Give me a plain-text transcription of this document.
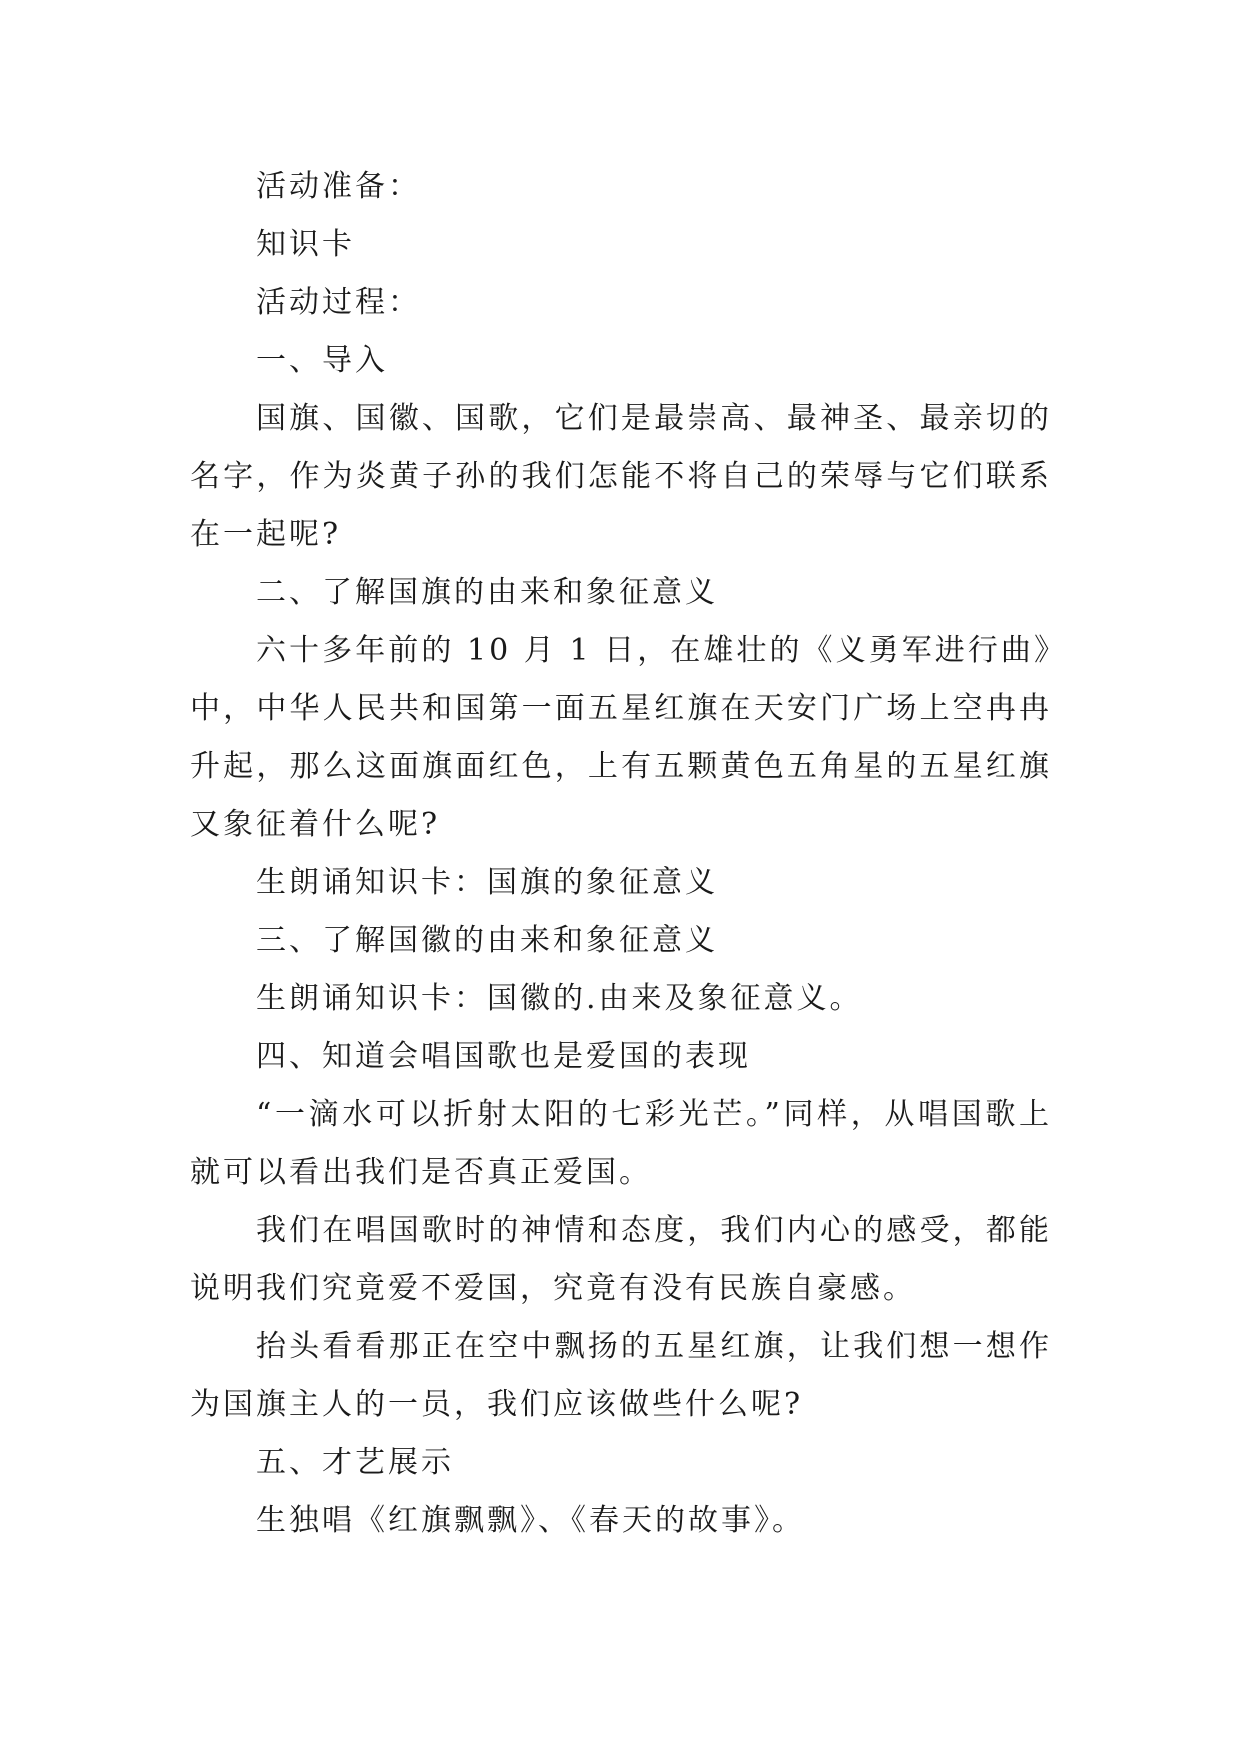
活动准备：

知识卡

活动过程：

一、导入

国旗、国徽、国歌，它们是最崇高、最神圣、最亲切的名字，作为炎黄子孙的我们怎能不将自己的荣辱与它们联系在一起呢?

二、了解国旗的由来和象征意义

六十多年前的 10 月 1 日，在雄壮的《义勇军进行曲》中，中华人民共和国第一面五星红旗在天安门广场上空冉冉升起，那么这面旗面红色，上有五颗黄色五角星的五星红旗又象征着什么呢?

生朗诵知识卡：国旗的象征意义

三、了解国徽的由来和象征意义

生朗诵知识卡：国徽的.由来及象征意义。

四、知道会唱国歌也是爱国的表现

“一滴水可以折射太阳的七彩光芒。”同样，从唱国歌上就可以看出我们是否真正爱国。

我们在唱国歌时的神情和态度，我们内心的感受，都能说明我们究竟爱不爱国，究竟有没有民族自豪感。

抬头看看那正在空中飘扬的五星红旗，让我们想一想作为国旗主人的一员，我们应该做些什么呢?

五、才艺展示

生独唱《红旗飘飘》、《春天的故事》。
